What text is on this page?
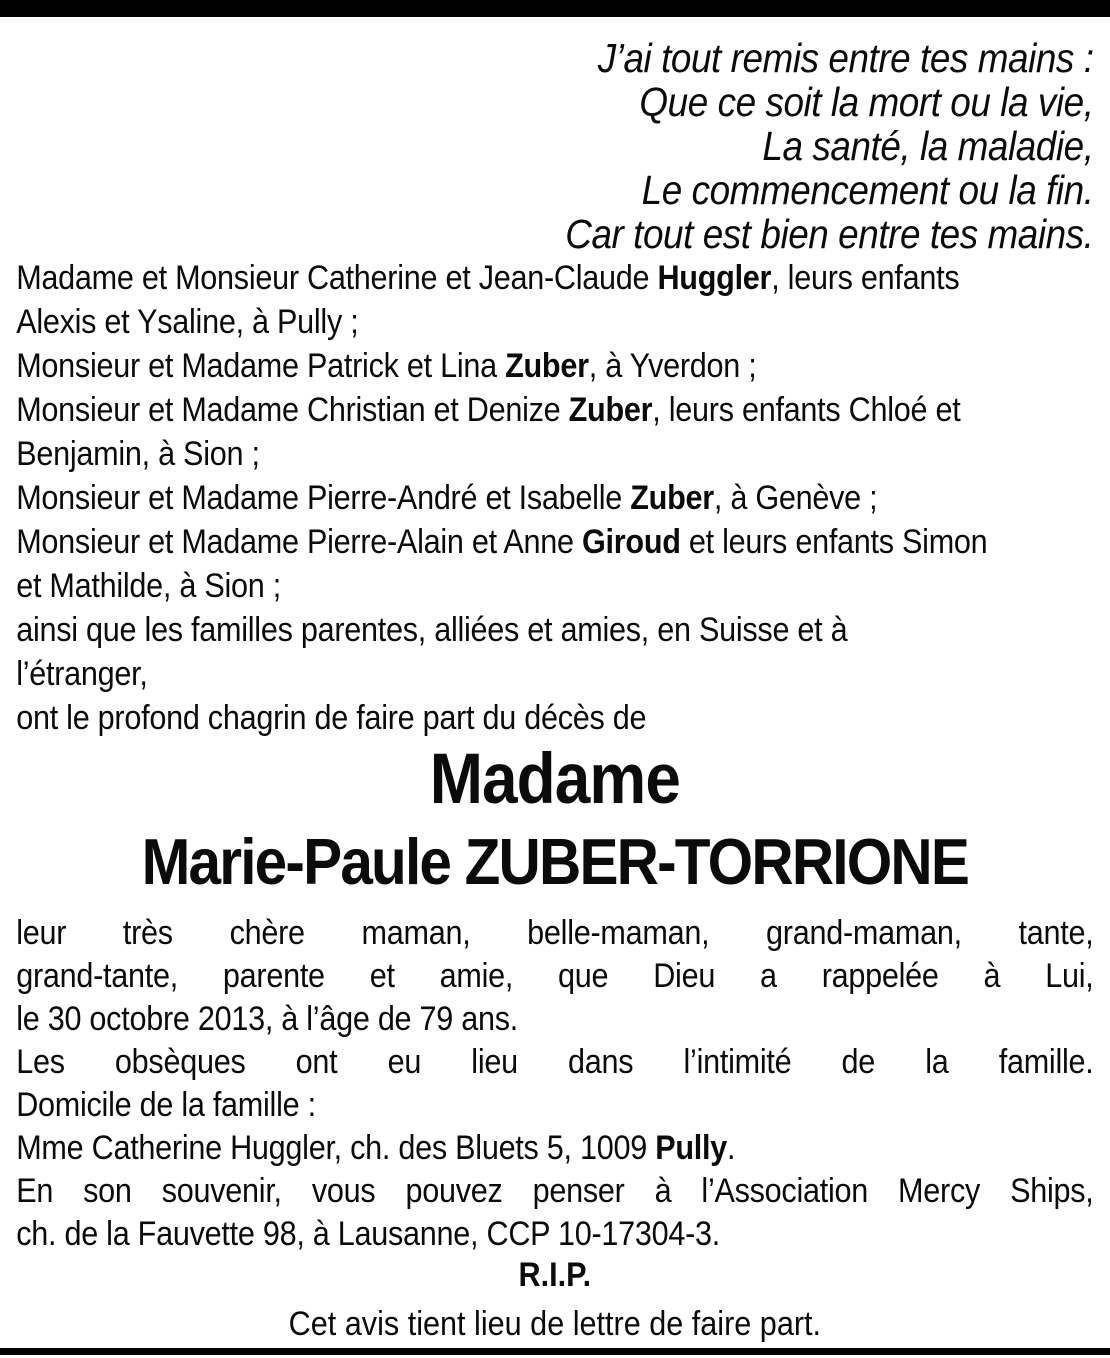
J’ai tout remis entre tes mains :
Que ce soit la mort ou la vie,
La santé, la maladie,
Le commencement ou la fin.
Car tout est bien entre tes mains.
Madame et Monsieur Catherine et Jean-Claude Huggler, leurs enfants
Alexis et Ysaline, à Pully ;
Monsieur et Madame Patrick et Lina Zuber, à Yverdon ;
Monsieur et Madame Christian et Denize Zuber, leurs enfants Chloé et
Benjamin, à Sion ;
Monsieur et Madame Pierre-André et Isabelle Zuber, à Genève ;
Monsieur et Madame Pierre-Alain et Anne Giroud et leurs enfants Simon
et Mathilde, à Sion ;
ainsi que les familles parentes, alliées et amies, en Suisse et à
l’étranger,
ont le profond chagrin de faire part du décès de
Madame
Marie-Paule ZUBER-TORRIONE
leur très chère maman, belle-maman, grand-maman, tante,
grand-tante, parente et amie, que Dieu a rappelée à Lui,
le 30 octobre 2013, à l’âge de 79 ans.
Les obsèques ont eu lieu dans l’intimité de la famille.
Domicile de la famille :
Mme Catherine Huggler, ch. des Bluets 5, 1009 Pully.
En son souvenir, vous pouvez penser à l’Association Mercy Ships,
ch. de la Fauvette 98, à Lausanne, CCP 10-17304-3.
R.I.P.
Cet avis tient lieu de lettre de faire part.
